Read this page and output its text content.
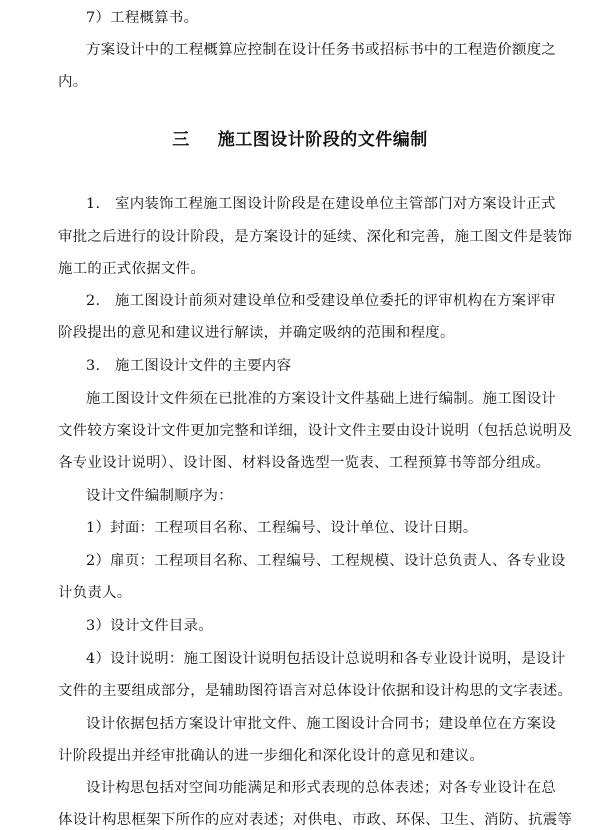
7）工程概算书。
方案设计中的工程概算应控制在设计任务书或招标书中的工程造价额度之
内。
三 施工图设计阶段的文件编制
1.　室内装饰工程施工图设计阶段是在建设单位主管部门对方案设计正式
审批之后进行的设计阶段，是方案设计的延续、深化和完善，施工图文件是装饰
施工的正式依据文件。
2.　施工图设计前须对建设单位和受建设单位委托的评审机构在方案评审
阶段提出的意见和建议进行解读，并确定吸纳的范围和程度。
3.　施工图设计文件的主要内容
施工图设计文件须在已批准的方案设计文件基础上进行编制。施工图设计
文件较方案设计文件更加完整和详细，设计文件主要由设计说明（包括总说明及
各专业设计说明）、设计图、材料设备选型一览表、工程预算书等部分组成。
设计文件编制顺序为：
1）封面：工程项目名称、工程编号、设计单位、设计日期。
2）扉页：工程项目名称、工程编号、工程规模、设计总负责人、各专业设
计负责人。
3）设计文件目录。
4）设计说明：施工图设计说明包括设计总说明和各专业设计说明，是设计
文件的主要组成部分，是辅助图符语言对总体设计依据和设计构思的文字表述。
设计依据包括方案设计审批文件、施工图设计合同书；建设单位在方案设
计阶段提出并经审批确认的进一步细化和深化设计的意见和建议。
设计构思包括对空间功能满足和形式表现的总体表述；对各专业设计在总
体设计构思框架下所作的应对表述；对供电、市政、环保、卫生、消防、抗震等
